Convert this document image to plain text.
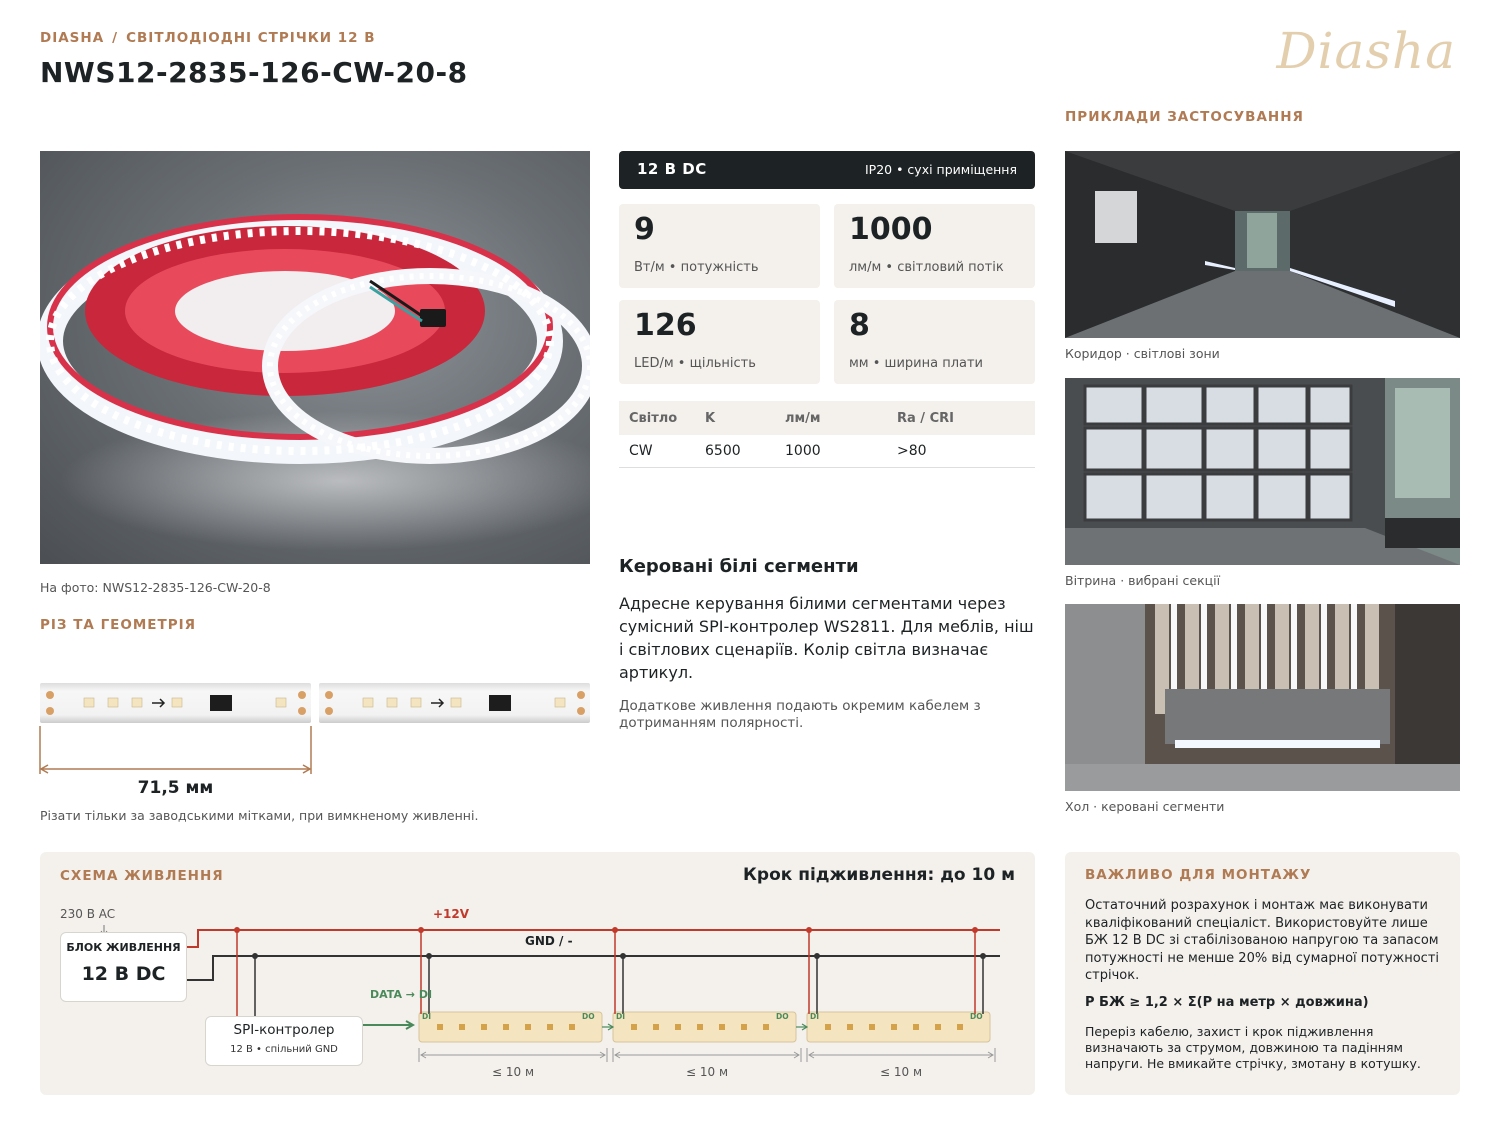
DIASHA / СВІТЛОДІОДНІ СТРІЧКИ 12 В
NWS12-2835-126-CW-20-8	Diasha
На фото: NWS12-2835-126-CW-20-8
РІЗ ТА ГЕОМЕТРІЯ
71,5 мм
Різати тільки за заводськими мітками, при вимкненому живленні.
12 В DC	IP20 • сухі приміщення
9
Вт/м • потужність
1000
лм/м • світловий потік
126
LED/м • щільність
8
мм • ширина плати
Світло	K	лм/м	Ra / CRI
CW	6500	1000	>80
Керовані білі сегменти
Адресне керування білими сегментами через сумісний SPI-контролер WS2811. Для меблів, ніш і світлових сценаріїв. Колір світла визначає артикул.
Додаткове живлення подають окремим кабелем з дотриманням полярності.
ПРИКЛАДИ ЗАСТОСУВАННЯ
Коридор · світлові зони
Вітрина · вибрані секції
Хол · керовані сегменти
СХЕМА ЖИВЛЕННЯ	Крок підживлення: до 10 м
230 В AC
БЛОК ЖИВЛЕННЯ
12 В DC
SPI-контролер
12 В • спільний GND
+12V
GND / -
DATA → DI
DI	DO	DI	DO	DI	DO
≤ 10 м	≤ 10 м	≤ 10 м
ВАЖЛИВО ДЛЯ МОНТАЖУ
Остаточний розрахунок і монтаж має виконувати кваліфікований спеціаліст. Використовуйте лише БЖ 12 В DC зі стабілізованою напругою та запасом потужності не менше 20% від сумарної потужності стрічок.
P БЖ ≥ 1,2 × Σ(P на метр × довжина)
Переріз кабелю, захист і крок підживлення визначають за струмом, довжиною та падінням напруги. Не вмикайте стрічку, змотану в котушку.
